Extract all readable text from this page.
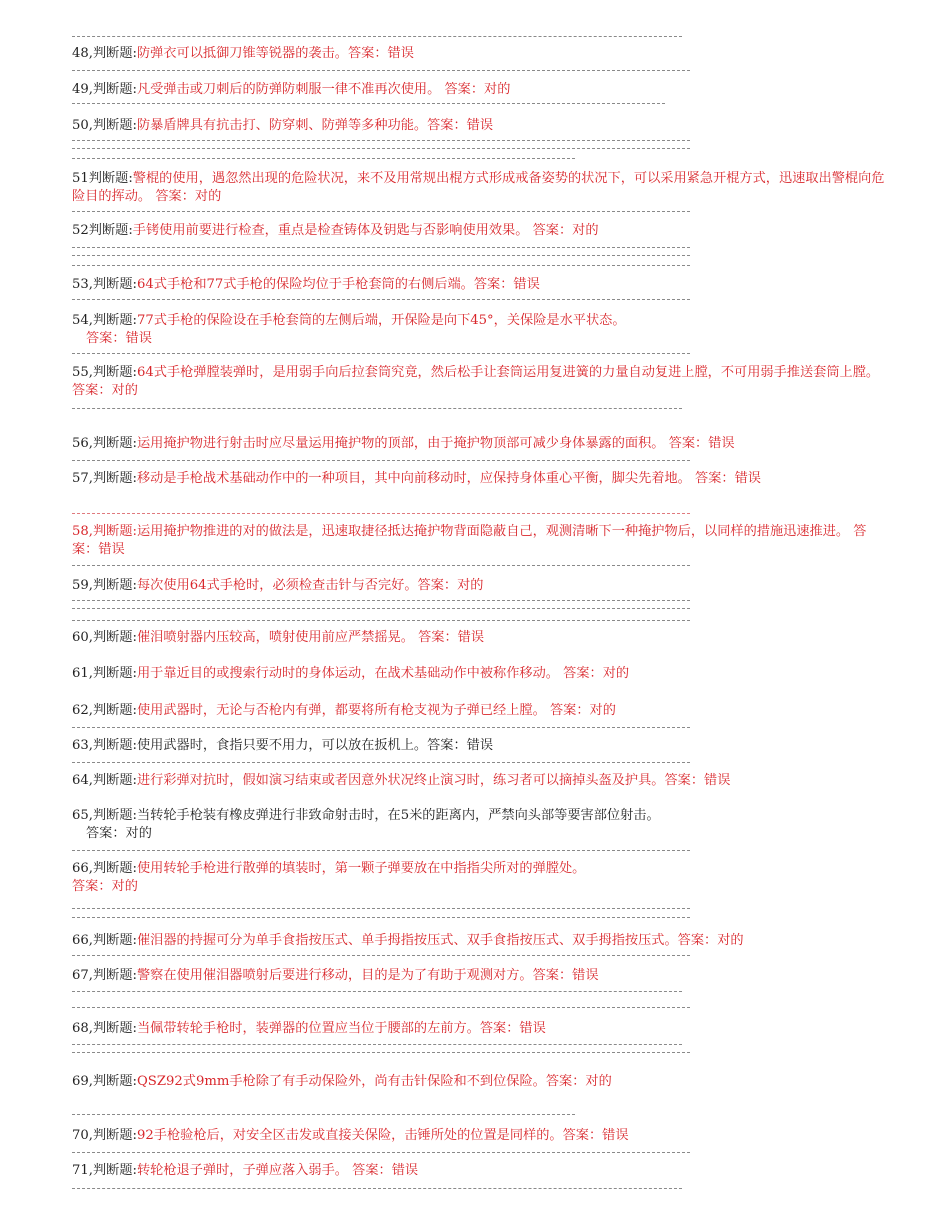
48,判断题:防弹衣可以抵御刀锥等锐器的袭击。答案：错误
49,判断题:凡受弹击或刀刺后的防弹防刺服一律不准再次使用。 答案：对的
50,判断题:防暴盾牌具有抗击打、防穿刺、防弹等多种功能。答案：错误
51判断题:警棍的使用，遇忽然出现的危险状况，来不及用常规出棍方式形成戒备姿势的状况下，可以采用紧急开棍方式，迅速取出警棍向危险目的挥动。 答案：对的
52判断题:手铐使用前要进行检查，重点是检查铸体及钥匙与否影响使用效果。 答案：对的
53,判断题:64式手枪和77式手枪的保险均位于手枪套筒的右侧后端。答案：错误
54,判断题:77式手枪的保险设在手枪套筒的左侧后端，开保险是向下45°，关保险是水平状态。
答案：错误
55,判断题:64式手枪弹膛装弹时，是用弱手向后拉套筒究竟，然后松手让套筒运用复进簧的力量自动复进上膛，不可用弱手推送套筒上膛。答案：对的
56,判断题:运用掩护物进行射击时应尽量运用掩护物的顶部，由于掩护物顶部可减少身体暴露的面积。 答案：错误
57,判断题:移动是手枪战术基础动作中的一种项目，其中向前移动时，应保持身体重心平衡，脚尖先着地。 答案：错误
58,判断题:运用掩护物推进的对的做法是，迅速取捷径抵达掩护物背面隐蔽自己，观测清晰下一种掩护物后，以同样的措施迅速推进。 答案：错误
59,判断题:每次使用64式手枪时，必须检查击针与否完好。答案：对的
60,判断题:催泪喷射器内压较高，喷射使用前应严禁摇晃。 答案：错误
61,判断题:用于靠近目的或搜索行动时的身体运动，在战术基础动作中被称作移动。 答案：对的
62,判断题:使用武器时，无论与否枪内有弹，都要将所有枪支视为子弹已经上膛。 答案：对的
63,判断题:使用武器时，食指只要不用力，可以放在扳机上。答案：错误
64,判断题:进行彩弹对抗时，假如演习结束或者因意外状况终止演习时，练习者可以摘掉头盔及护具。答案：错误
65,判断题:当转轮手枪装有橡皮弹进行非致命射击时，在5米的距离内，严禁向头部等要害部位射击。
答案：对的
66,判断题:使用转轮手枪进行散弹的填装时，第一颗子弹要放在中指指尖所对的弹膛处。
答案：对的
66,判断题:催泪器的持握可分为单手食指按压式、单手拇指按压式、双手食指按压式、双手拇指按压式。答案：对的
67,判断题:警察在使用催泪器喷射后要进行移动，目的是为了有助于观测对方。答案：错误
68,判断题:当佩带转轮手枪时，装弹器的位置应当位于腰部的左前方。答案：错误
69,判断题:QSZ92式9mm手枪除了有手动保险外，尚有击针保险和不到位保险。答案：对的
70,判断题:92手枪验枪后，对安全区击发或直接关保险，击锤所处的位置是同样的。答案：错误
71,判断题:转轮枪退子弹时，子弹应落入弱手。 答案：错误
